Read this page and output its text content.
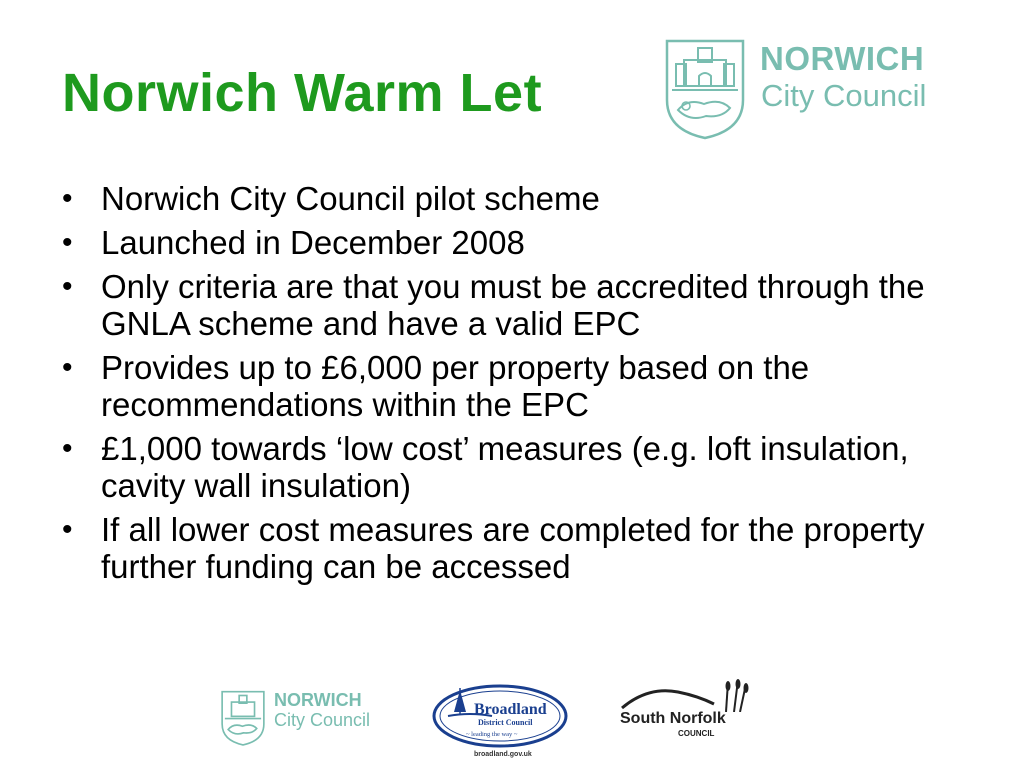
Norwich Warm Let
NORWICH
City Council
• Norwich City Council pilot scheme
• Launched in December 2008
• Only criteria are that you must be accredited through the GNLA scheme and have a valid EPC
• Provides up to £6,000 per property based on the recommendations within the EPC
• £1,000 towards ‘low cost’ measures (e.g. loft insulation, cavity wall insulation)
• If all lower cost measures are completed for the property further funding can be accessed
NORWICH
City Council
Broadland
District Council
~ leading the way ~
broadland.gov.uk
South Norfolk
COUNCIL
